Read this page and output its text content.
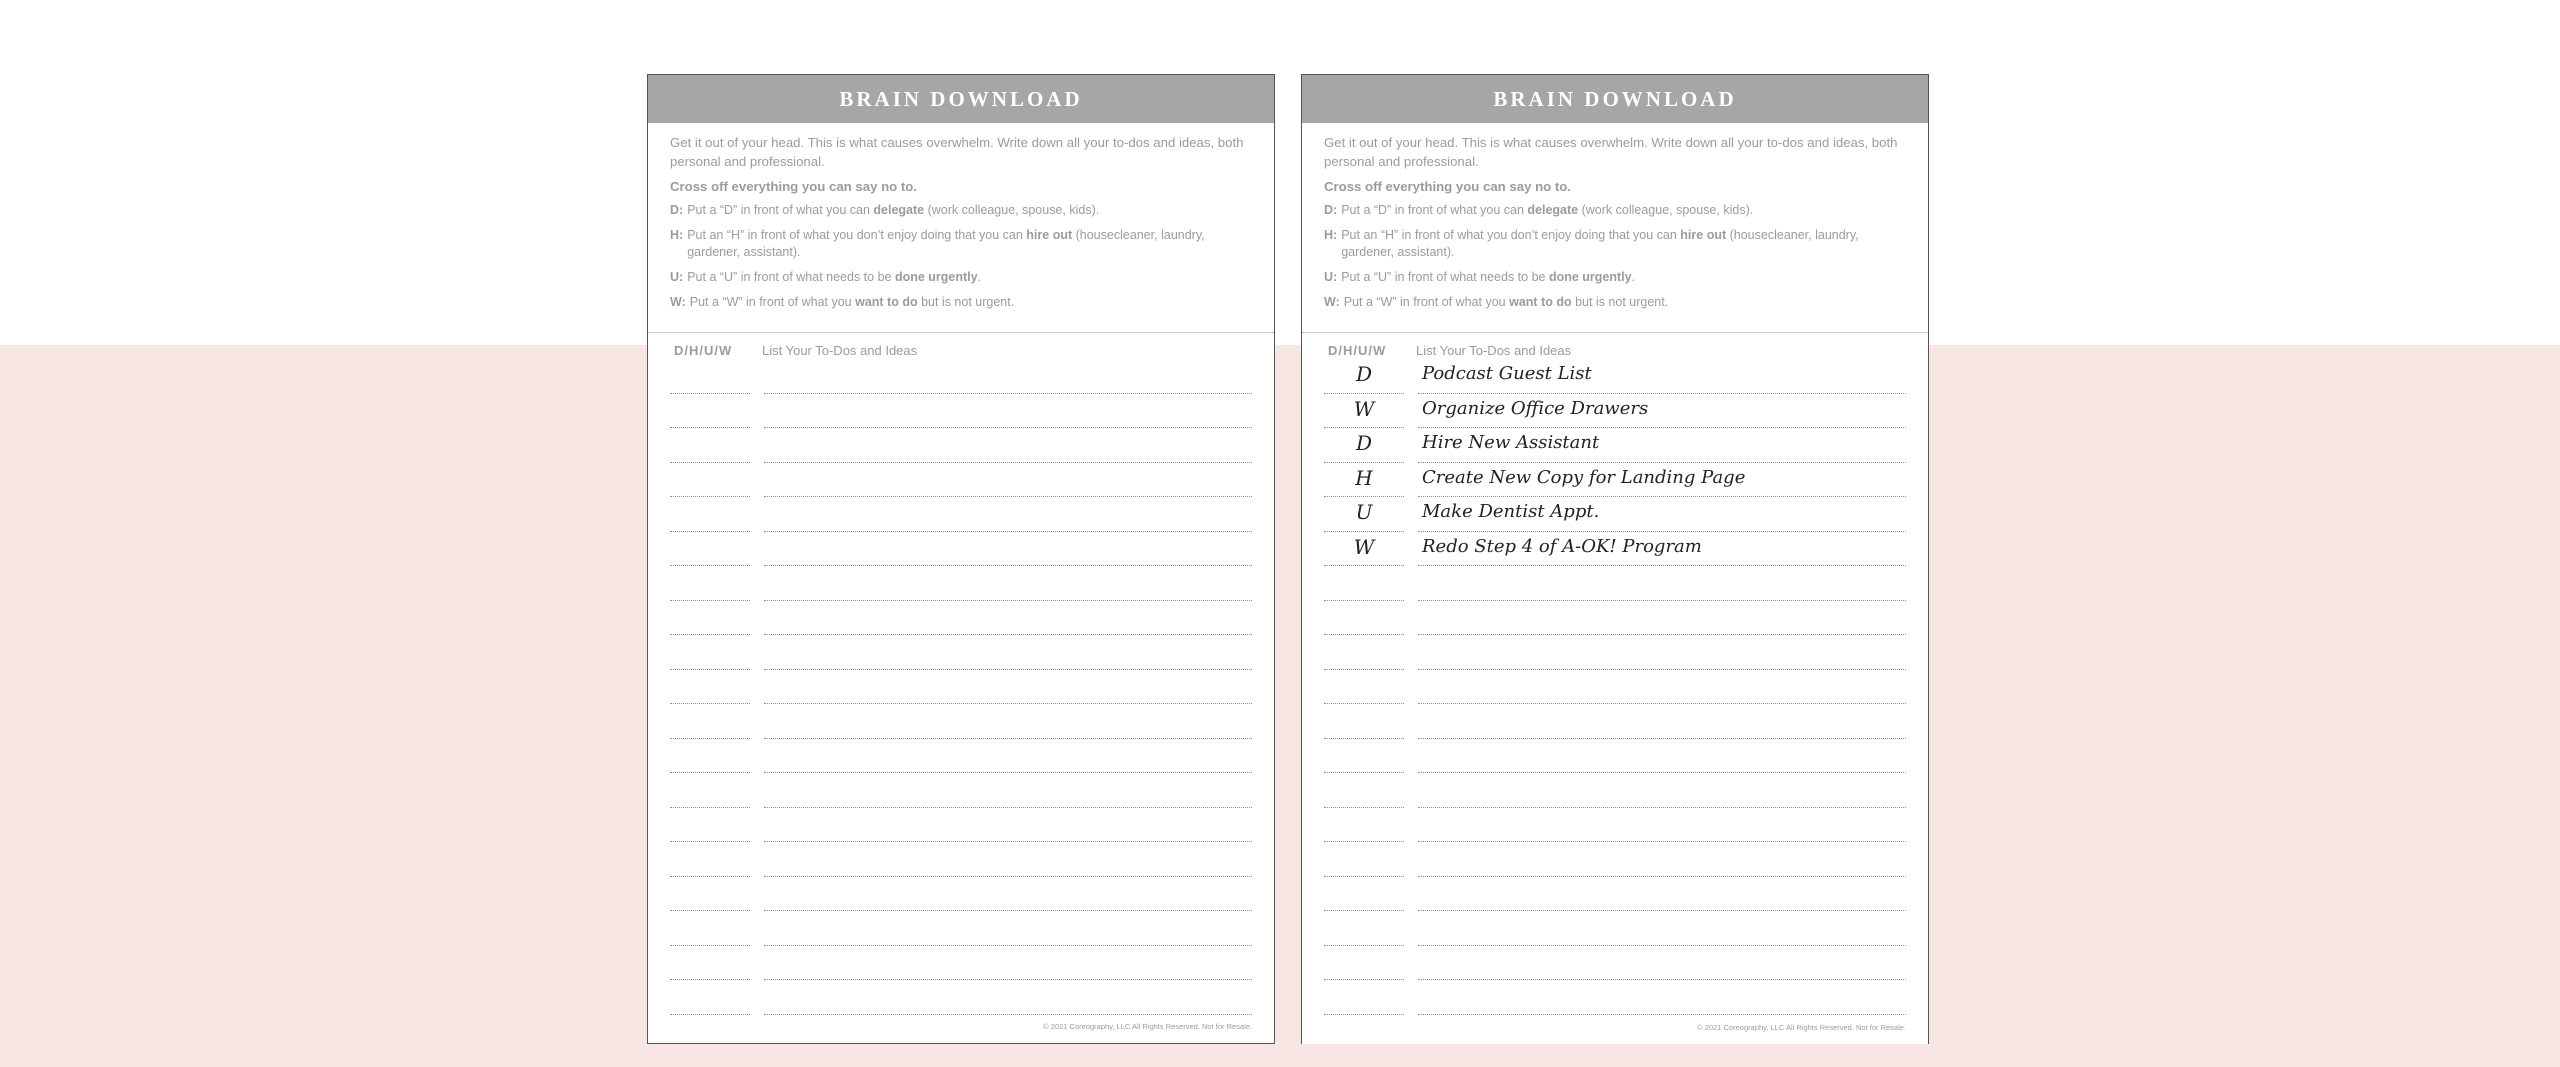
BRAIN DOWNLOAD

Get it out of your head. This is what causes overwhelm. Write down all your to-dos and ideas, both personal and professional.

Cross off everything you can say no to.

D: Put a “D” in front of what you can delegate (work colleague, spouse, kids).
H: Put an “H” in front of what you don’t enjoy doing that you can hire out (housecleaner, laundry, gardener, assistant).
U: Put a “U” in front of what needs to be done urgently.
W: Put a “W” in front of what you want to do but is not urgent.
D/H/U/W	List Your To-Dos and Ideas
© 2021 Coreography, LLC All Rights Reserved. Not for Resale.
BRAIN DOWNLOAD

Get it out of your head. This is what causes overwhelm. Write down all your to-dos and ideas, both personal and professional.

Cross off everything you can say no to.

D: Put a “D” in front of what you can delegate (work colleague, spouse, kids).
H: Put an “H” in front of what you don’t enjoy doing that you can hire out (housecleaner, laundry, gardener, assistant).
U: Put a “U” in front of what needs to be done urgently.
W: Put a “W” in front of what you want to do but is not urgent.
D/H/U/W	List Your To-Dos and Ideas
D	Podcast Guest List
W	Organize Office Drawers
D	Hire New Assistant
H	Create New Copy for Landing Page
U	Make Dentist Appt.
W	Redo Step 4 of A-OK! Program
© 2021 Coreography, LLC All Rights Reserved. Not for Resale.
